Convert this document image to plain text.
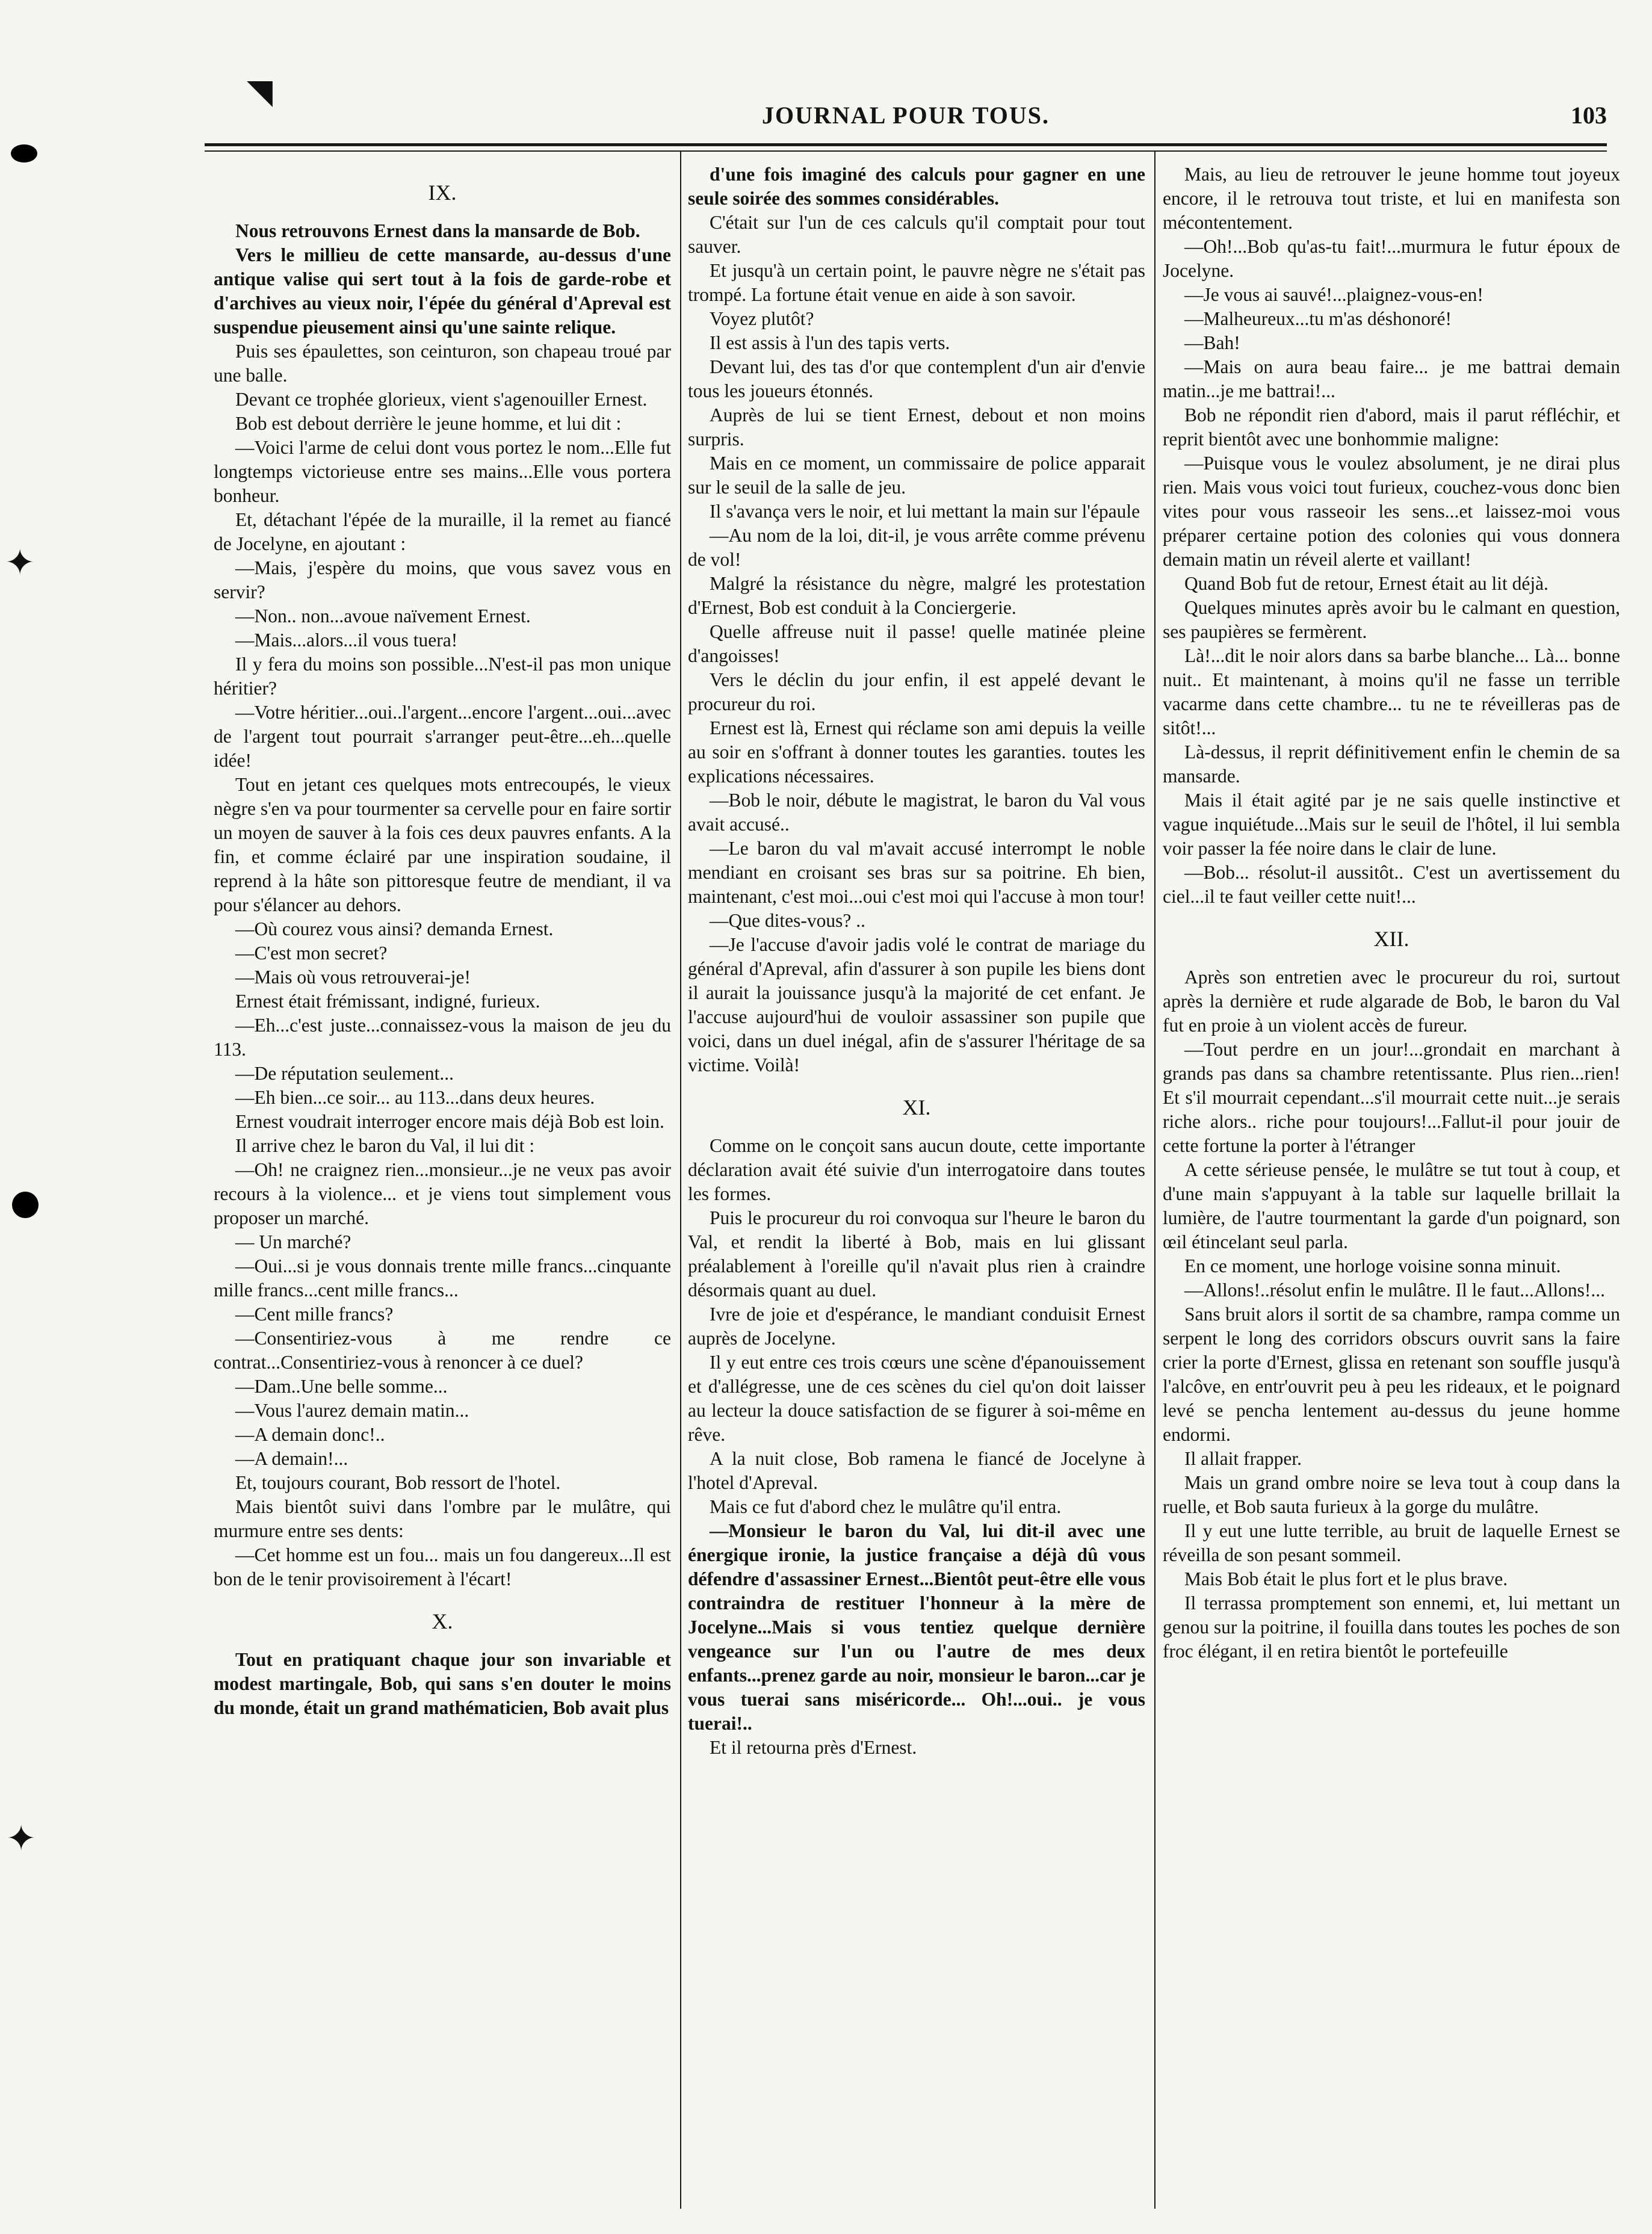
JOURNAL POUR TOUS.	103
IX.

Nous retrouvons Ernest dans la mansarde de Bob.

Vers le millieu de cette mansarde, au-dessus d'une antique valise qui sert tout à la fois de garde-robe et d'archives au vieux noir, l'épée du général d'Apreval est suspendue pieusement ainsi qu'une sainte relique.

Puis ses épaulettes, son ceinturon, son chapeau troué par une balle.

Devant ce trophée glorieux, vient s'agenouiller Ernest.

Bob est debout derrière le jeune homme, et lui dit :

—Voici l'arme de celui dont vous portez le nom...Elle fut longtemps victorieuse entre ses mains...Elle vous portera bonheur.

Et, détachant l'épée de la muraille, il la remet au fiancé de Jocelyne, en ajoutant :

—Mais, j'espère du moins, que vous savez vous en servir?

—Non.. non...avoue naïvement Ernest.

—Mais...alors...il vous tuera!

Il y fera du moins son possible...N'est-il pas mon unique héritier?

—Votre héritier...oui..l'argent...encore l'argent...oui...avec de l'argent tout pourrait s'arranger peut-être...eh...quelle idée!

Tout en jetant ces quelques mots entrecoupés, le vieux nègre s'en va pour tourmenter sa cervelle pour en faire sortir un moyen de sauver à la fois ces deux pauvres enfants. A la fin, et comme éclairé par une inspiration soudaine, il reprend à la hâte son pittoresque feutre de mendiant, il va pour s'élancer au dehors.

—Où courez vous ainsi? demanda Ernest.

—C'est mon secret?

—Mais où vous retrouverai-je!

Ernest était frémissant, indigné, furieux.

—Eh...c'est juste...connaissez-vous la maison de jeu du 113.

—De réputation seulement...

—Eh bien...ce soir... au 113...dans deux heures.

Ernest voudrait interroger encore mais déjà Bob est loin.

Il arrive chez le baron du Val, il lui dit :

—Oh! ne craignez rien...monsieur...je ne veux pas avoir recours à la violence... et je viens tout simplement vous proposer un marché.

— Un marché?

—Oui...si je vous donnais trente mille francs...cinquante mille francs...cent mille francs...

—Cent mille francs?

—Consentiriez-vous à me rendre ce contrat...Consentiriez-vous à renoncer à ce duel?

—Dam..Une belle somme...

—Vous l'aurez demain matin...

—A demain donc!..

—A demain!...

Et, toujours courant, Bob ressort de l'hotel.

Mais bientôt suivi dans l'ombre par le mulâtre, qui murmure entre ses dents:

—Cet homme est un fou... mais un fou dangereux...Il est bon de le tenir provisoirement à l'écart!

X.

Tout en pratiquant chaque jour son invariable et modest martingale, Bob, qui sans s'en douter le moins du monde, était un grand mathématicien, Bob avait plus

d'une fois imaginé des calculs pour gagner en une seule soirée des sommes considérables.

C'était sur l'un de ces calculs qu'il comptait pour tout sauver.

Et jusqu'à un certain point, le pauvre nègre ne s'était pas trompé. La fortune était venue en aide à son savoir.

Voyez plutôt?

Il est assis à l'un des tapis verts.

Devant lui, des tas d'or que contemplent d'un air d'envie tous les joueurs étonnés.

Auprès de lui se tient Ernest, debout et non moins surpris.

Mais en ce moment, un commissaire de police apparait sur le seuil de la salle de jeu.

Il s'avança vers le noir, et lui mettant la main sur l'épaule

—Au nom de la loi, dit-il, je vous arrête comme prévenu de vol!

Malgré la résistance du nègre, malgré les protestation d'Ernest, Bob est conduit à la Conciergerie.

Quelle affreuse nuit il passe! quelle matinée pleine d'angoisses!

Vers le déclin du jour enfin, il est appelé devant le procureur du roi.

Ernest est là, Ernest qui réclame son ami depuis la veille au soir en s'offrant à donner toutes les garanties. toutes les explications nécessaires.

—Bob le noir, débute le magistrat, le baron du Val vous avait accusé..

—Le baron du val m'avait accusé interrompt le noble mendiant en croisant ses bras sur sa poitrine. Eh bien, maintenant, c'est moi...oui c'est moi qui l'accuse à mon tour!

—Que dites-vous? ..

—Je l'accuse d'avoir jadis volé le contrat de mariage du général d'Apreval, afin d'assurer à son pupile les biens dont il aurait la jouissance jusqu'à la majorité de cet enfant. Je l'accuse aujourd'hui de vouloir assassiner son pupile que voici, dans un duel inégal, afin de s'assurer l'héritage de sa victime. Voilà!

XI.

Comme on le conçoit sans aucun doute, cette importante déclaration avait été suivie d'un interrogatoire dans toutes les formes.

Puis le procureur du roi convoqua sur l'heure le baron du Val, et rendit la liberté à Bob, mais en lui glissant préalablement à l'oreille qu'il n'avait plus rien à craindre désormais quant au duel.

Ivre de joie et d'espérance, le mandiant conduisit Ernest auprès de Jocelyne.

Il y eut entre ces trois cœurs une scène d'épanouissement et d'allégresse, une de ces scènes du ciel qu'on doit laisser au lecteur la douce satisfaction de se figurer à soi-même en rêve.

A la nuit close, Bob ramena le fiancé de Jocelyne à l'hotel d'Apreval.

Mais ce fut d'abord chez le mulâtre qu'il entra.

—Monsieur le baron du Val, lui dit-il avec une énergique ironie, la justice française a déjà dû vous défendre d'assassiner Ernest...Bientôt peut-être elle vous contraindra de restituer l'honneur à la mère de Jocelyne...Mais si vous tentiez quelque dernière vengeance sur l'un ou l'autre de mes deux enfants...prenez garde au noir, monsieur le baron...car je vous tuerai sans miséricorde... Oh!...oui.. je vous tuerai!..

Et il retourna près d'Ernest.

Mais, au lieu de retrouver le jeune homme tout joyeux encore, il le retrouva tout triste, et lui en manifesta son mécontentement.

—Oh!...Bob qu'as-tu fait!...murmura le futur époux de Jocelyne.

—Je vous ai sauvé!...plaignez-vous-en!

—Malheureux...tu m'as déshonoré!

—Bah!

—Mais on aura beau faire... je me battrai demain matin...je me battrai!...

Bob ne répondit rien d'abord, mais il parut réfléchir, et reprit bientôt avec une bonhommie maligne:

—Puisque vous le voulez absolument, je ne dirai plus rien. Mais vous voici tout furieux, couchez-vous donc bien vites pour vous rasseoir les sens...et laissez-moi vous préparer certaine potion des colonies qui vous donnera demain matin un réveil alerte et vaillant!

Quand Bob fut de retour, Ernest était au lit déjà.

Quelques minutes après avoir bu le calmant en question, ses paupières se fermèrent.

Là!...dit le noir alors dans sa barbe blanche... Là... bonne nuit.. Et maintenant, à moins qu'il ne fasse un terrible vacarme dans cette chambre... tu ne te réveilleras pas de sitôt!...

Là-dessus, il reprit définitivement enfin le chemin de sa mansarde.

Mais il était agité par je ne sais quelle instinctive et vague inquiétude...Mais sur le seuil de l'hôtel, il lui sembla voir passer la fée noire dans le clair de lune.

—Bob... résolut-il aussitôt.. C'est un avertissement du ciel...il te faut veiller cette nuit!...

XII.

Après son entretien avec le procureur du roi, surtout après la dernière et rude algarade de Bob, le baron du Val fut en proie à un violent accès de fureur.

—Tout perdre en un jour!...grondait en marchant à grands pas dans sa chambre retentissante. Plus rien...rien! Et s'il mourrait cependant...s'il mourrait cette nuit...je serais riche alors.. riche pour toujours!...Fallut-il pour jouir de cette fortune la porter à l'étranger

A cette sérieuse pensée, le mulâtre se tut tout à coup, et d'une main s'appuyant à la table sur laquelle brillait la lumière, de l'autre tourmentant la garde d'un poignard, son œil étincelant seul parla.

En ce moment, une horloge voisine sonna minuit.

—Allons!..résolut enfin le mulâtre. Il le faut...Allons!...

Sans bruit alors il sortit de sa chambre, rampa comme un serpent le long des corridors obscurs ouvrit sans la faire crier la porte d'Ernest, glissa en retenant son souffle jusqu'à l'alcôve, en entr'ouvrit peu à peu les rideaux, et le poignard levé se pencha lentement au-dessus du jeune homme endormi.

Il allait frapper.

Mais un grand ombre noire se leva tout à coup dans la ruelle, et Bob sauta furieux à la gorge du mulâtre.

Il y eut une lutte terrible, au bruit de laquelle Ernest se réveilla de son pesant sommeil.

Mais Bob était le plus fort et le plus brave.

Il terrassa promptement son ennemi, et, lui mettant un genou sur la poitrine, il fouilla dans toutes les poches de son froc élégant, il en retira bientôt le portefeuille

◥
✦
✦
